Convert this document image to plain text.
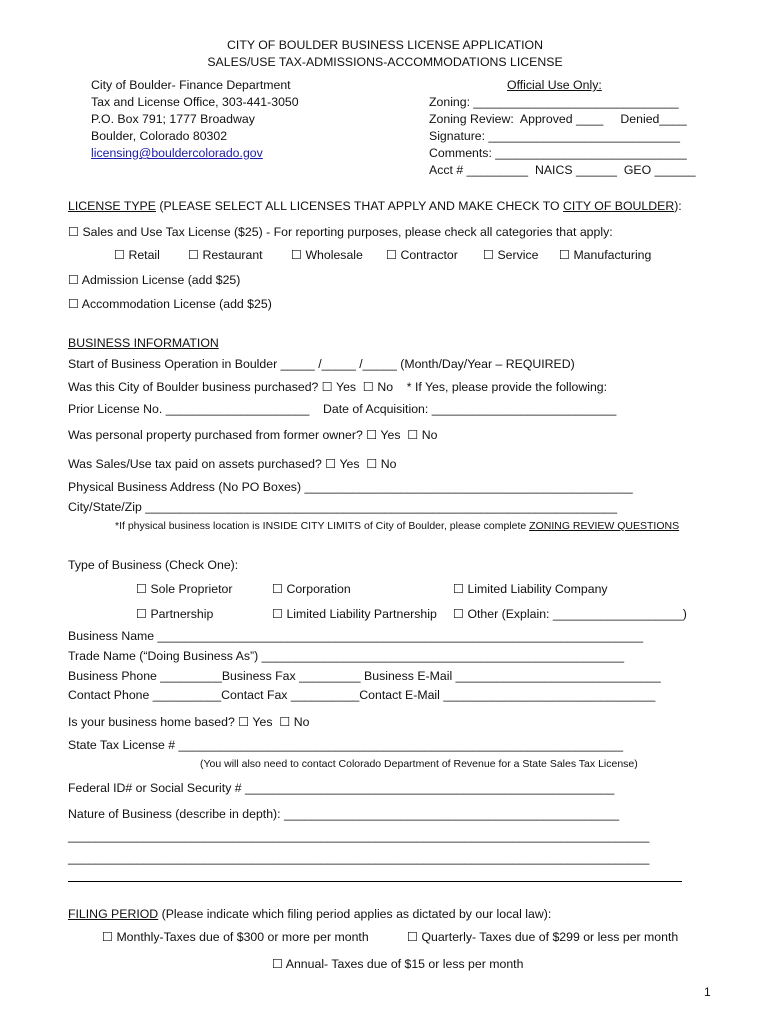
CITY OF BOULDER BUSINESS LICENSE APPLICATION
SALES/USE TAX-ADMISSIONS-ACCOMMODATIONS LICENSE
City of Boulder- Finance Department
Tax and License Office, 303-441-3050
P.O. Box 791; 1777 Broadway
Boulder, Colorado 80302
licensing@bouldercolorado.gov
Official Use Only:
Zoning: ______________________________
Zoning Review:  Approved ____     Denied____
Signature: ____________________________
Comments: ____________________________
Acct # _________  NAICS ______  GEO ______
LICENSE TYPE (PLEASE SELECT ALL LICENSES THAT APPLY AND MAKE CHECK TO CITY OF BOULDER):
☐ Sales and Use Tax License ($25) - For reporting purposes, please check all categories that apply:
☐ Retail ☐ Restaurant ☐ Wholesale ☐ Contractor ☐ Service ☐ Manufacturing
☐ Admission License (add $25)
☐ Accommodation License (add $25)
BUSINESS INFORMATION
Start of Business Operation in Boulder _____ /_____ /_____ (Month/Day/Year – REQUIRED)
Was this City of Boulder business purchased? ☐ Yes  ☐ No    * If Yes, please provide the following:
Prior License No. _____________________    Date of Acquisition: ___________________________
Was personal property purchased from former owner? ☐ Yes  ☐ No
Was Sales/Use tax paid on assets purchased? ☐ Yes  ☐ No
Physical Business Address (No PO Boxes) ________________________________________________
City/State/Zip _____________________________________________________________________
*If physical business location is INSIDE CITY LIMITS of City of Boulder, please complete ZONING REVIEW QUESTIONS
Type of Business (Check One):
☐ Sole Proprietor	☐ Corporation	☐ Limited Liability Company
☐ Partnership	☐ Limited Liability Partnership ☐ Other (Explain: ___________________)
Business Name _______________________________________________________________________
Trade Name (“Doing Business As”) _____________________________________________________
Business Phone _________Business Fax _________ Business E-Mail ______________________________
Contact Phone __________Contact Fax __________Contact E-Mail _______________________________
Is your business home based? ☐ Yes  ☐ No
State Tax License # _________________________________________________________________
(You will also need to contact Colorado Department of Revenue for a State Sales Tax License)
Federal ID# or Social Security # ______________________________________________________
Nature of Business (describe in depth): _________________________________________________
_____________________________________________________________________________________
_____________________________________________________________________________________
FILING PERIOD (Please indicate which filing period applies as dictated by our local law):
☐ Monthly-Taxes due of $300 or more per month	☐ Quarterly- Taxes due of $299 or less per month
☐ Annual- Taxes due of $15 or less per month
1
